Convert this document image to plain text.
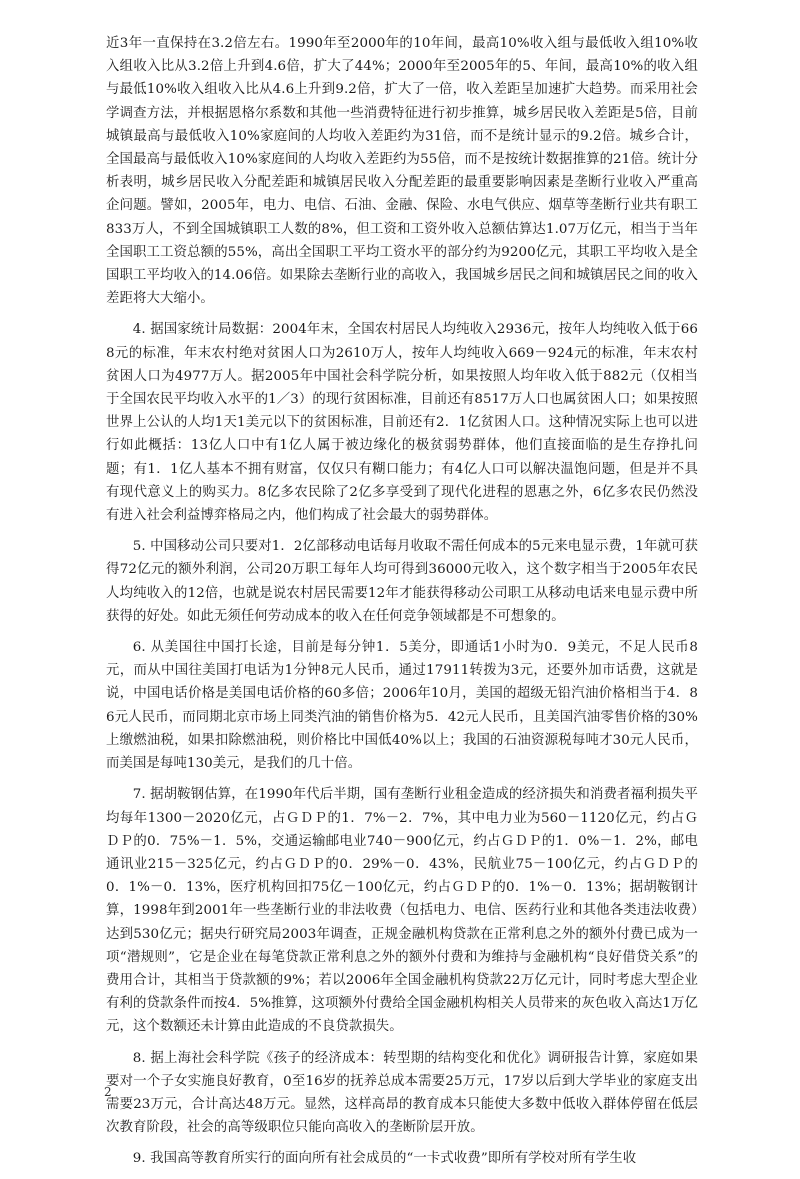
近3年一直保持在3.2倍左右。1990年至2000年的10年间，最高10%收入组与最低收入组10%收入组收入比从3.2倍上升到4.6倍，扩大了44%；2000年至2005年的5、年间，最高10%的收入组与最低10%收入组收入比从4.6上升到9.2倍，扩大了一倍，收入差距呈加速扩大趋势。而采用社会学调查方法，并根据恩格尔系数和其他一些消费特征进行初步推算，城乡居民收入差距是5倍，目前城镇最高与最低收入10%家庭间的人均收入差距约为31倍，而不是统计显示的9.2倍。城乡合计，全国最高与最低收入10%家庭间的人均收入差距约为55倍，而不是按统计数据推算的21倍。统计分析表明，城乡居民收入分配差距和城镇居民收入分配差距的最重要影响因素是垄断行业收入严重高企问题。譬如，2005年，电力、电信、石油、金融、保险、水电气供应、烟草等垄断行业共有职工833万人，不到全国城镇职工人数的8%，但工资和工资外收入总额估算达1.07万亿元，相当于当年全国职工工资总额的55%，高出全国职工平均工资水平的部分约为9200亿元，其职工平均收入是全国职工平均收入的14.06倍。如果除去垄断行业的高收入，我国城乡居民之间和城镇居民之间的收入差距将大大缩小。

4. 据国家统计局数据：2004年末，全国农村居民人均纯收入2936元，按年人均纯收入低于668元的标准，年末农村绝对贫困人口为2610万人，按年人均纯收入669－924元的标准，年末农村贫困人口为4977万人。据2005年中国社会科学院分析，如果按照人均年收入低于882元（仅相当于全国农民平均收入水平的1／3）的现行贫困标准，目前还有8517万人口也属贫困人口；如果按照世界上公认的人均1天1美元以下的贫困标准，目前还有2．1亿贫困人口。这种情况实际上也可以进行如此概括：13亿人口中有1亿人属于被边缘化的极贫弱势群体，他们直接面临的是生存挣扎问题；有1．1亿人基本不拥有财富，仅仅只有糊口能力；有4亿人口可以解决温饱问题，但是并不具有现代意义上的购买力。8亿多农民除了2亿多享受到了现代化进程的恩惠之外，6亿多农民仍然没有进入社会利益博弈格局之内，他们构成了社会最大的弱势群体。

5. 中国移动公司只要对1．2亿部移动电话每月收取不需任何成本的5元来电显示费，1年就可获得72亿元的额外利润，公司20万职工每年人均可得到36000元收入，这个数字相当于2005年农民人均纯收入的12倍，也就是说农村居民需要12年才能获得移动公司职工从移动电话来电显示费中所获得的好处。如此无须任何劳动成本的收入在任何竞争领域都是不可想象的。

6. 从美国往中国打长途，目前是每分钟1．5美分，即通话1小时为0．9美元，不足人民币8元，而从中国往美国打电话为1分钟8元人民币，通过17911转拨为3元，还要外加市话费，这就是说，中国电话价格是美国电话价格的60多倍；2006年10月，美国的超级无铅汽油价格相当于4．86元人民币，而同期北京市场上同类汽油的销售价格为5．42元人民币，且美国汽油零售价格的30%上缴燃油税，如果扣除燃油税，则价格比中国低40%以上；我国的石油资源税每吨才30元人民币，而美国是每吨130美元，是我们的几十倍。

7. 据胡鞍钢估算，在1990年代后半期，国有垄断行业租金造成的经济损失和消费者福利损失平均每年1300－2020亿元，占ＧＤＰ的1．7%－2．7%，其中电力业为560－1120亿元，约占ＧＤＰ的0．75%－1．5%，交通运输邮电业740－900亿元，约占ＧＤＰ的1．0%－1．2%，邮电通讯业215－325亿元，约占ＧＤＰ的0．29%－0．43%，民航业75－100亿元，约占ＧＤＰ的0．1%－0．13%，医疗机构回扣75亿－100亿元，约占ＧＤＰ的0．1%－0．13%；据胡鞍钢计算，1998年到2001年一些垄断行业的非法收费（包括电力、电信、医药行业和其他各类违法收费）达到530亿元；据央行研究局2003年调查，正规金融机构贷款在正常利息之外的额外付费已成为一项“潜规则”，它是企业在每笔贷款正常利息之外的额外付费和为维持与金融机构“良好借贷关系”的费用合计，其相当于贷款额的9%；若以2006年全国金融机构贷款22万亿元计，同时考虑大型企业有利的贷款条件而按4．5%推算，这项额外付费给全国金融机构相关人员带来的灰色收入高达1万亿元，这个数额还未计算由此造成的不良贷款损失。

8. 据上海社会科学院《孩子的经济成本：转型期的结构变化和优化》调研报告计算，家庭如果要对一个子女实施良好教育，0至16岁的抚养总成本需要25万元，17岁以后到大学毕业的家庭支出需要23万元，合计高达48万元。显然，这样高昂的教育成本只能使大多数中低收入群体停留在低层次教育阶段，社会的高等级职位只能向高收入的垄断阶层开放。

9. 我国高等教育所实行的面向所有社会成员的“一卡式收费”即所有学校对所有学生收

2
